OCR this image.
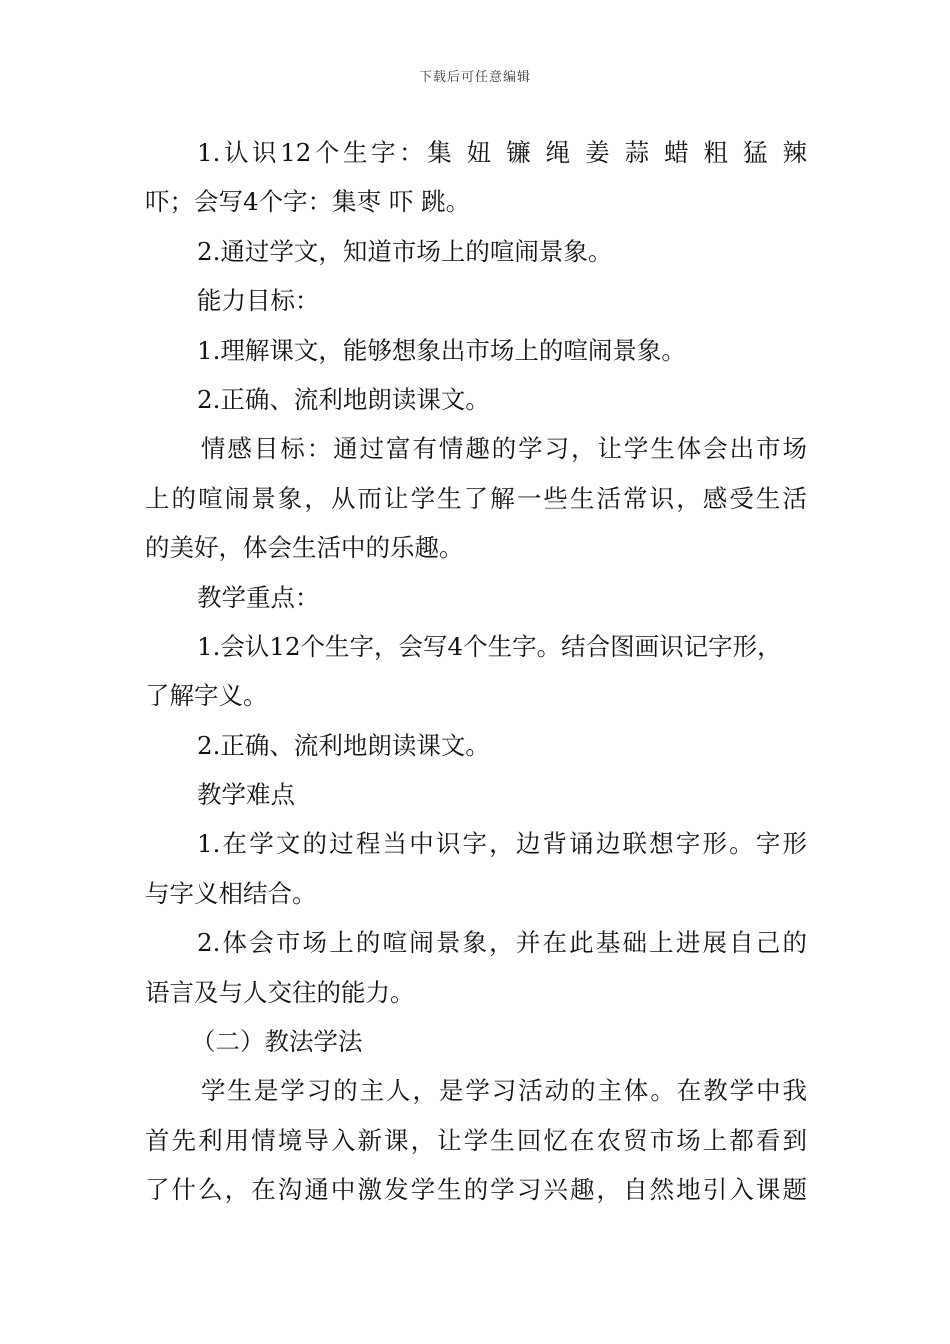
下载后可任意编辑
1.认识12个生字：集 妞 镰 绳 姜 蒜 蜡 粗 猛 辣
吓；会写4个字：集枣 吓 跳。
2.通过学文，知道市场上的喧闹景象。
能力目标：
1.理解课文，能够想象出市场上的喧闹景象。
2.正确、流利地朗读课文。
情感目标：通过富有情趣的学习，让学生体会出市场
上的喧闹景象，从而让学生了解一些生活常识，感受生活
的美好，体会生活中的乐趣。
教学重点：
1.会认12个生字，会写4个生字。结合图画识记字形，
了解字义。
2.正确、流利地朗读课文。
教学难点
1.在学文的过程当中识字，边背诵边联想字形。字形
与字义相结合。
2.体会市场上的喧闹景象，并在此基础上进展自己的
语言及与人交往的能力。
（二）教法学法
学生是学习的主人，是学习活动的主体。在教学中我
首先利用情境导入新课，让学生回忆在农贸市场上都看到
了什么，在沟通中激发学生的学习兴趣，自然地引入课题
